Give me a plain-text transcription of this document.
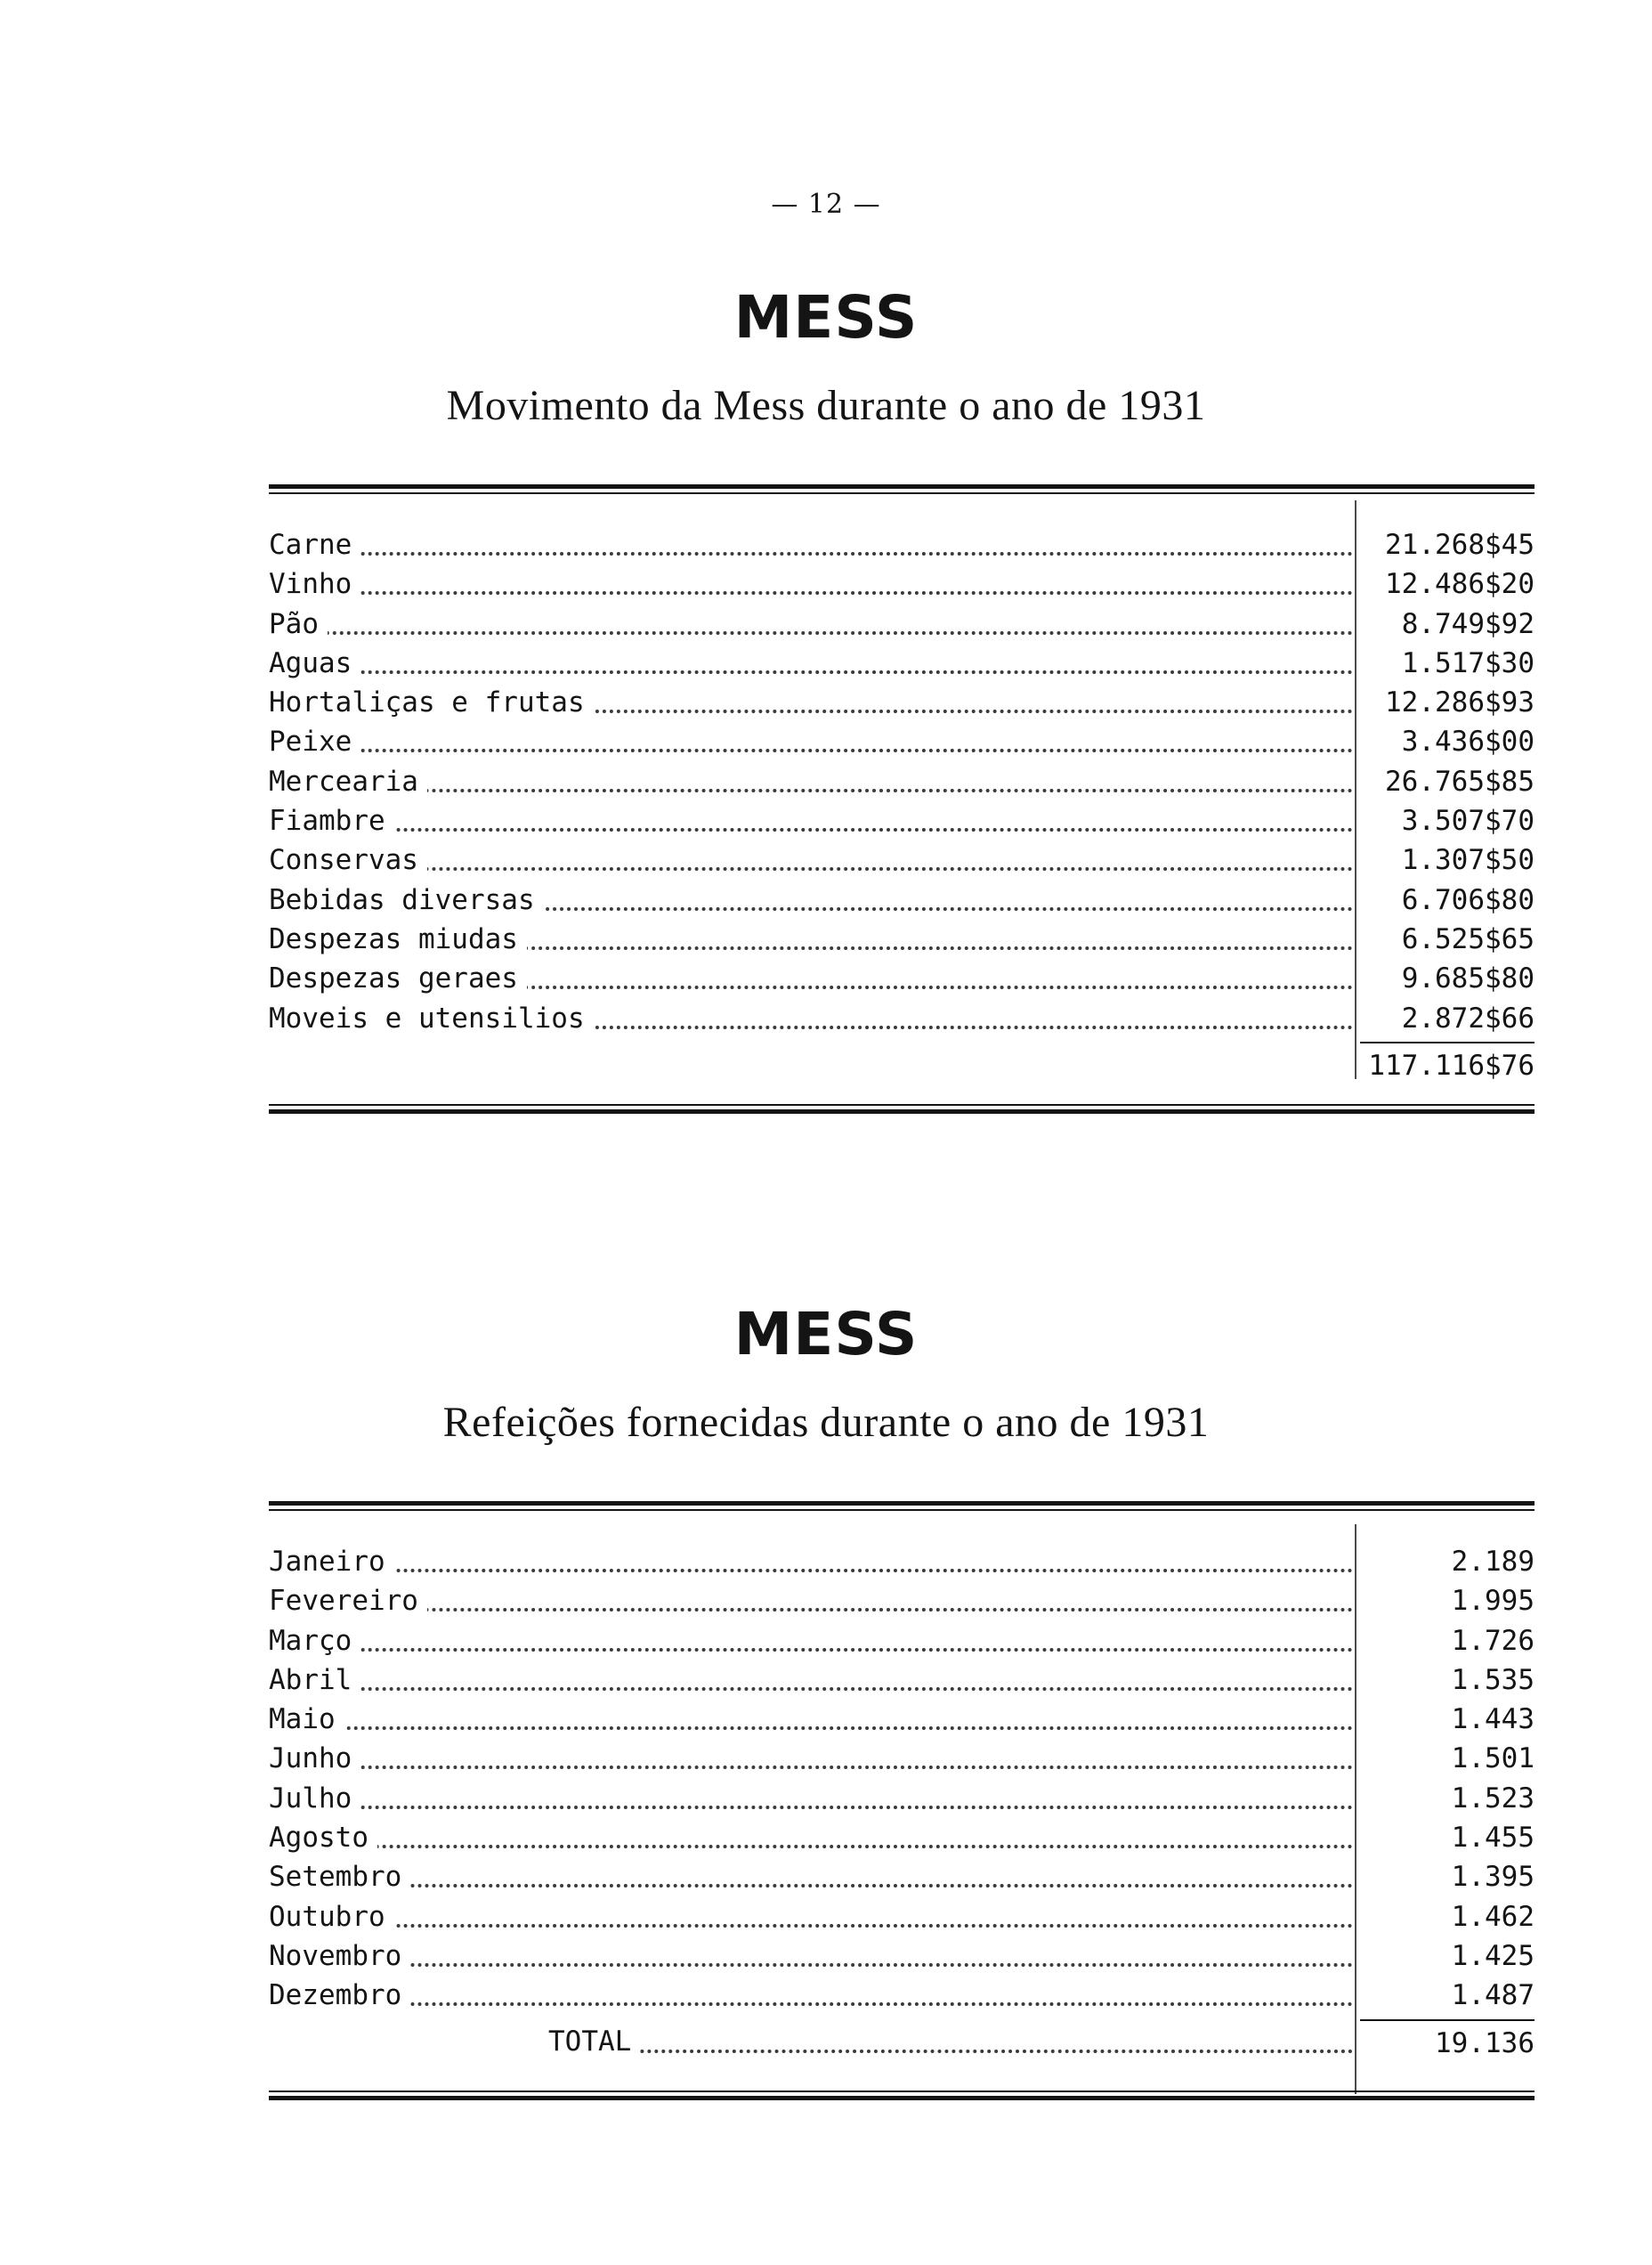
— 12 —
MESS
Movimento da Mess durante o ano de 1931
Carne	21.268$45
Vinho	12.486$20
Pão	8.749$92
Aguas	1.517$30
Hortaliças e frutas	12.286$93
Peixe	3.436$00
Mercearia	26.765$85
Fiambre	3.507$70
Conservas	1.307$50
Bebidas diversas	6.706$80
Despezas miudas	6.525$65
Despezas geraes	9.685$80
Moveis e utensilios	2.872$66
117.116$76
MESS
Refeições fornecidas durante o ano de 1931
Janeiro	2.189
Fevereiro	1.995
Março	1.726
Abril	1.535
Maio	1.443
Junho	1.501
Julho	1.523
Agosto	1.455
Setembro	1.395
Outubro	1.462
Novembro	1.425
Dezembro	1.487
TOTAL	19.136
